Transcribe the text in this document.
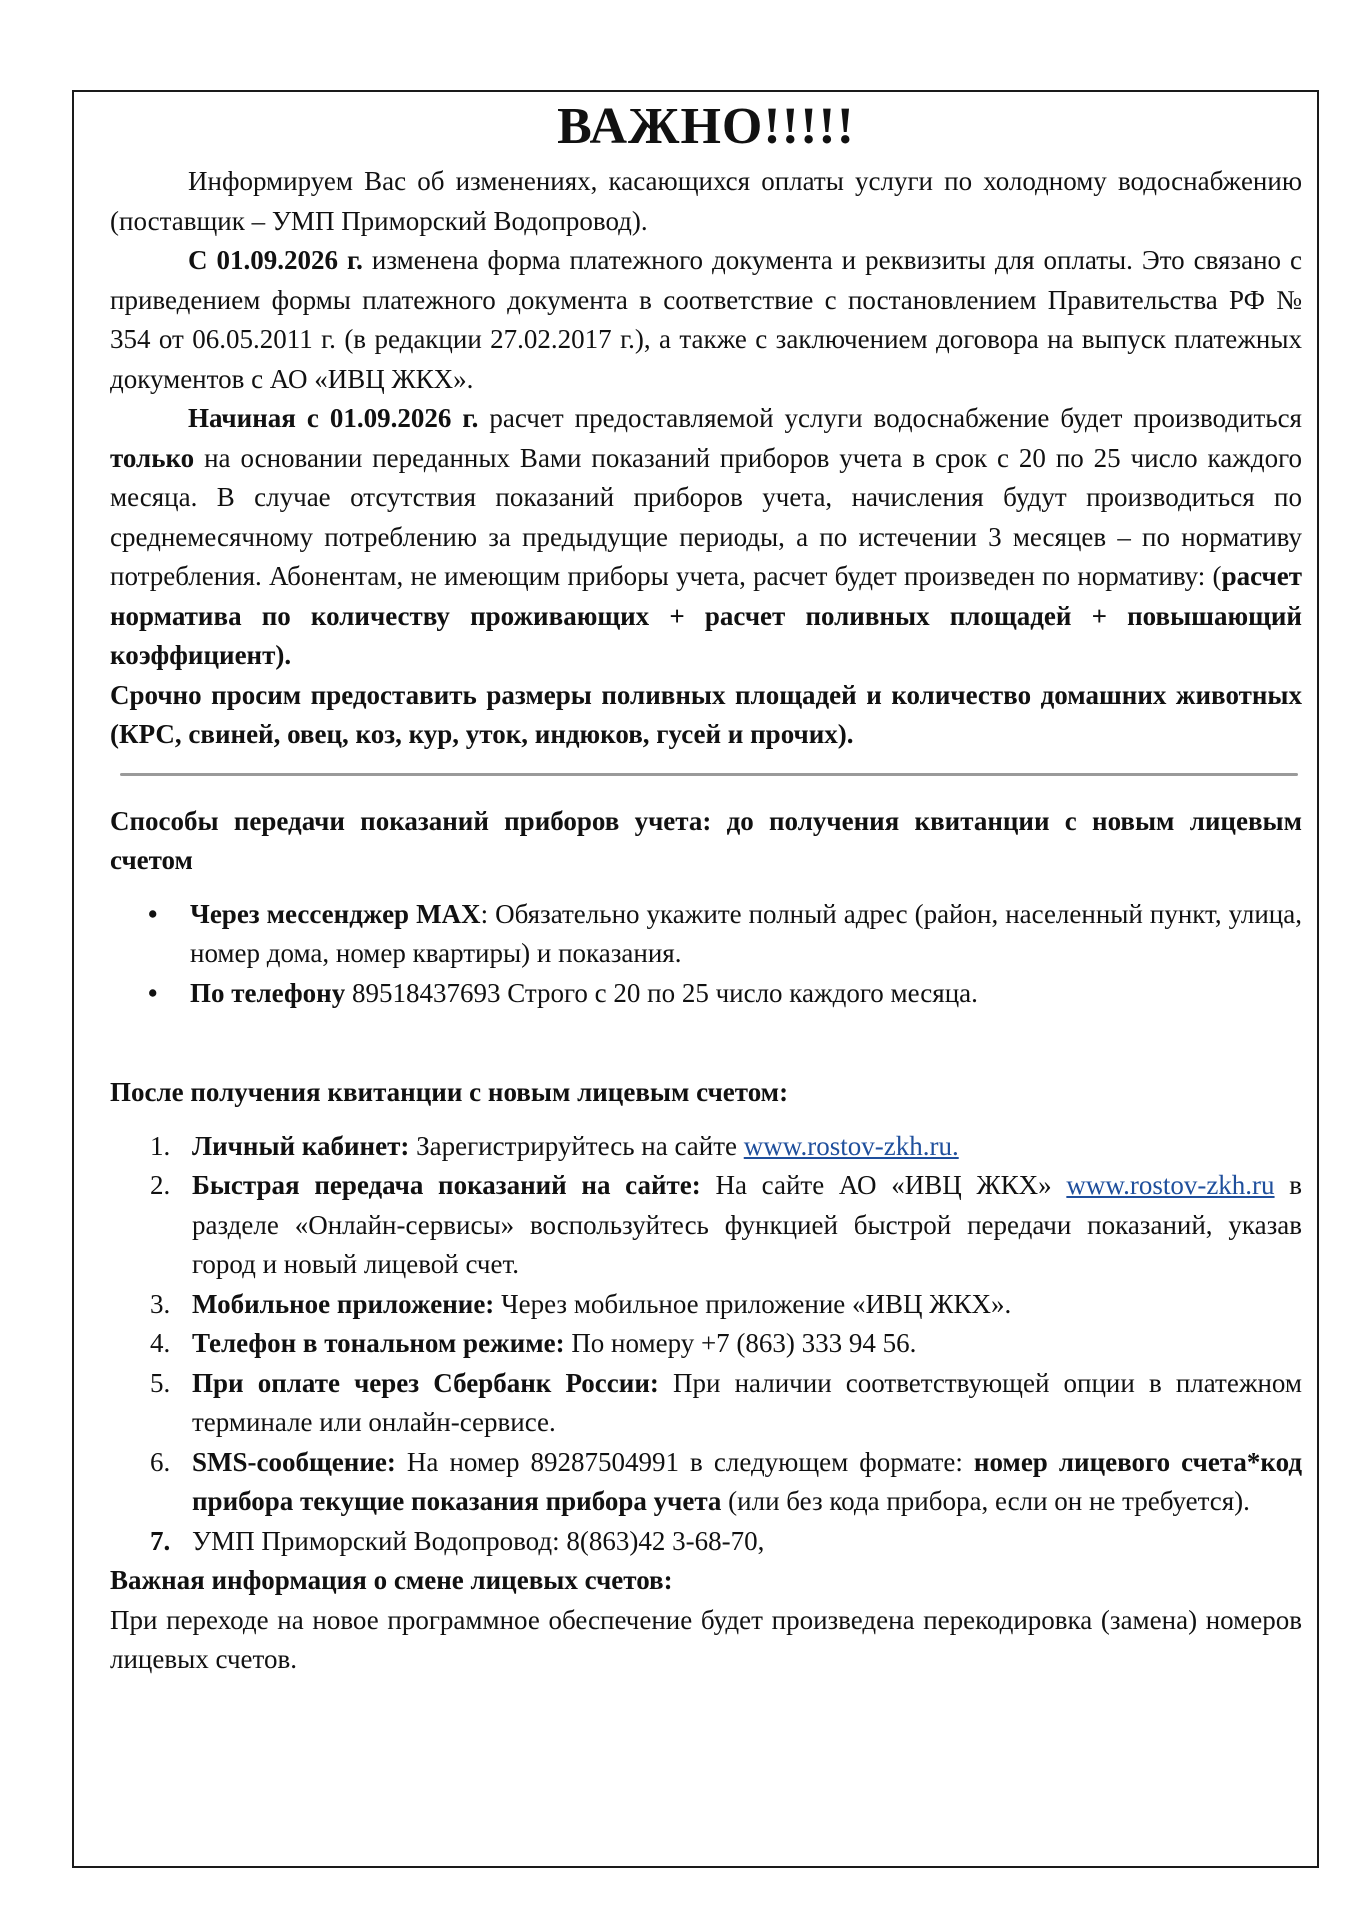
ВАЖНО!!!!!

Информируем Вас об изменениях, касающихся оплаты услуги по холодному водоснабжению (поставщик – УМП Приморский Водопровод).

С 01.09.2026 г. изменена форма платежного документа и реквизиты для оплаты. Это связано с приведением формы платежного документа в соответствие с постановлением Правительства РФ № 354 от 06.05.2011 г. (в редакции 27.02.2017 г.), а также с заключением договора на выпуск платежных документов с АО «ИВЦ ЖКХ».

Начиная с 01.09.2026 г. расчет предоставляемой услуги водоснабжение будет производиться только на основании переданных Вами показаний приборов учета в срок с 20 по 25 число каждого месяца. В случае отсутствия показаний приборов учета, начисления будут производиться по среднемесячному потреблению за предыдущие периоды, а по истечении 3 месяцев – по нормативу потребления. Абонентам, не имеющим приборы учета, расчет будет произведен по нормативу: (расчет норматива по количеству проживающих + расчет поливных площадей + повышающий коэффициент).

Срочно просим предоставить размеры поливных площадей и количество домашних животных (КРС, свиней, овец, коз, кур, уток, индюков, гусей и прочих).

Способы передачи показаний приборов учета: до получения квитанции с новым лицевым счетом

• Через мессенджер MAX: Обязательно укажите полный адрес (район, населенный пункт, улица, номер дома, номер квартиры) и показания.
• По телефону 89518437693 Строго с 20 по 25 число каждого месяца.

После получения квитанции с новым лицевым счетом:

1. Личный кабинет: Зарегистрируйтесь на сайте www.rostov-zkh.ru.
2. Быстрая передача показаний на сайте: На сайте АО «ИВЦ ЖКХ» www.rostov-zkh.ru в разделе «Онлайн-сервисы» воспользуйтесь функцией быстрой передачи показаний, указав город и новый лицевой счет.
3. Мобильное приложение: Через мобильное приложение «ИВЦ ЖКХ».
4. Телефон в тональном режиме: По номеру +7 (863) 333 94 56.
5. При оплате через Сбербанк России: При наличии соответствующей опции в платежном терминале или онлайн-сервисе.
6. SMS-сообщение: На номер 89287504991 в следующем формате: номер лицевого счета*код прибора текущие показания прибора учета (или без кода прибора, если он не требуется).
7. УМП Приморский Водопровод: 8(863)42 3-68-70,

Важная информация о смене лицевых счетов:

При переходе на новое программное обеспечение будет произведена перекодировка (замена) номеров лицевых счетов.
